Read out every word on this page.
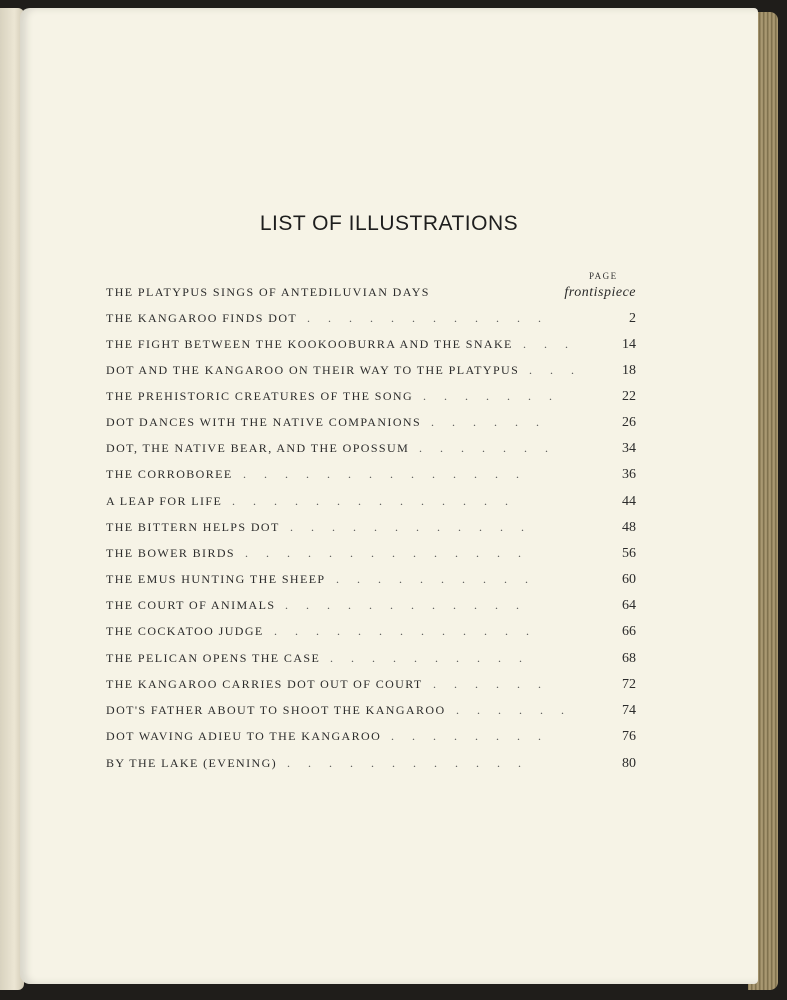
LIST OF ILLUSTRATIONS
PAGE
THE PLATYPUS SINGS OF ANTEDILUVIAN DAYS	frontispiece
THE KANGAROO FINDS DOT	2
.  .  .  .  .  .  .  .  .  .  .  .
THE FIGHT BETWEEN THE KOOKOOBURRA AND THE SNAKE	14
.  .  .
DOT AND THE KANGAROO ON THEIR WAY TO THE PLATYPUS	18
.  .  .
THE PREHISTORIC CREATURES OF THE SONG	22
.  .  .  .  .  .  .
DOT DANCES WITH THE NATIVE COMPANIONS	26
.  .  .  .  .  .
DOT, THE NATIVE BEAR, AND THE OPOSSUM	34
.  .  .  .  .  .  .
THE CORROBOREE	36
.  .  .  .  .  .  .  .  .  .  .  .  .  .
A LEAP FOR LIFE	44
.  .  .  .  .  .  .  .  .  .  .  .  .  .
THE BITTERN HELPS DOT	48
.  .  .  .  .  .  .  .  .  .  .  .
THE BOWER BIRDS	56
.  .  .  .  .  .  .  .  .  .  .  .  .  .
THE EMUS HUNTING THE SHEEP	60
.  .  .  .  .  .  .  .  .  .
THE COURT OF ANIMALS	64
.  .  .  .  .  .  .  .  .  .  .  .
THE COCKATOO JUDGE	66
.  .  .  .  .  .  .  .  .  .  .  .  .
THE PELICAN OPENS THE CASE	68
.  .  .  .  .  .  .  .  .  .
THE KANGAROO CARRIES DOT OUT OF COURT	72
.  .  .  .  .  .
DOT'S FATHER ABOUT TO SHOOT THE KANGAROO	74
.  .  .  .  .  .
DOT WAVING ADIEU TO THE KANGAROO	76
.  .  .  .  .  .  .  .
BY THE LAKE (EVENING)	80
.  .  .  .  .  .  .  .  .  .  .  .
